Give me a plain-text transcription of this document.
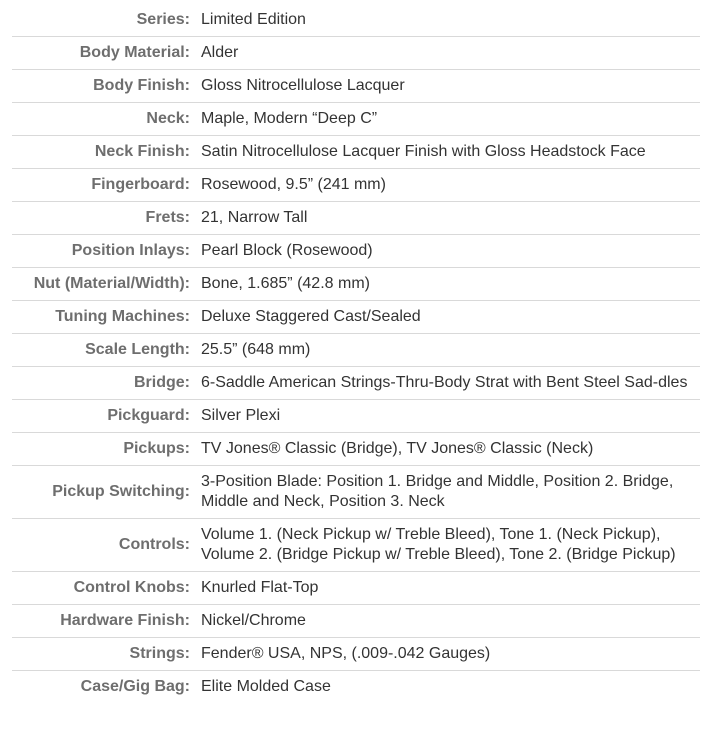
Series:	Limited Edition
Body Material:	Alder
Body Finish:	Gloss Nitrocellulose Lacquer
Neck:	Maple, Modern “Deep C”
Neck Finish:	Satin Nitrocellulose Lacquer Finish with Gloss Headstock Face
Fingerboard:	Rosewood, 9.5” (241 mm)
Frets:	21, Narrow Tall
Position Inlays:	Pearl Block (Rosewood)
Nut (Material/Width):	Bone, 1.685” (42.8 mm)
Tuning Machines:	Deluxe Staggered Cast/Sealed
Scale Length:	25.5” (648 mm)
Bridge:	6-Saddle American Strings-Thru-Body Strat with Bent Steel Sad-dles
Pickguard:	Silver Plexi
Pickups:	TV Jones® Classic (Bridge), TV Jones® Classic (Neck)
Pickup Switching:	3-Position Blade: Position 1. Bridge and Middle, Position 2. Bridge, Middle and Neck, Position 3. Neck
Controls:	Volume 1. (Neck Pickup w/ Treble Bleed), Tone 1. (Neck Pickup), Volume 2. (Bridge Pickup w/ Treble Bleed), Tone 2. (Bridge Pickup)
Control Knobs:	Knurled Flat-Top
Hardware Finish:	Nickel/Chrome
Strings:	Fender® USA, NPS, (.009-.042 Gauges)
Case/Gig Bag:	Elite Molded Case
